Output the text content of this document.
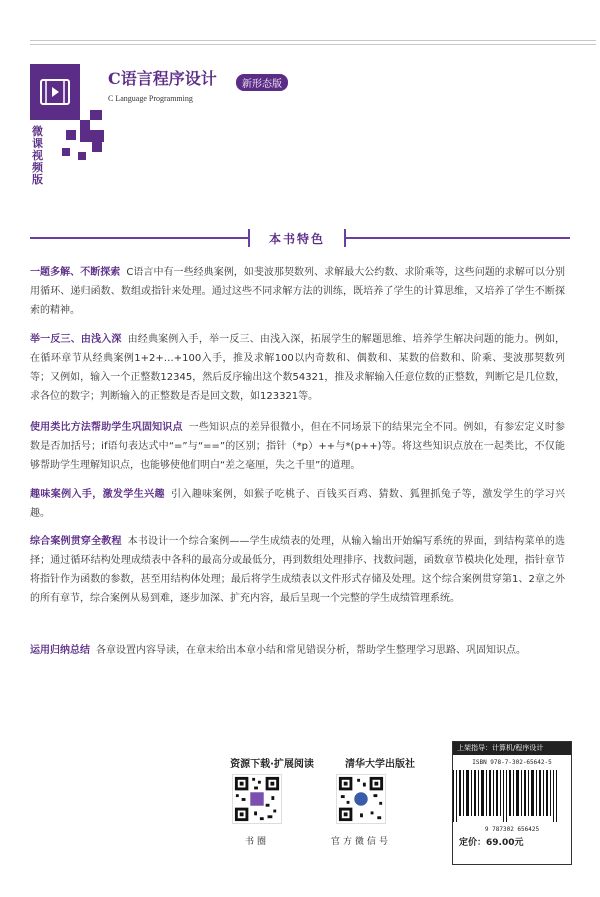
微课视频版
C语言程序设计	新形态版
C Language Programming
本书特色
一题多解、不断探索 C语言中有一些经典案例，如斐波那契数列、求解最大公约数、求阶乘等，这些问题的求解可以分别用循环、递归函数、数组或指针来处理。通过这些不同求解方法的训练，既培养了学生的计算思维，又培养了学生不断探索的精神。
举一反三、由浅入深 由经典案例入手，举一反三、由浅入深，拓展学生的解题思维、培养学生解决问题的能力。例如，在循环章节从经典案例1+2+…+100入手，推及求解100以内奇数和、偶数和、某数的倍数和、阶乘、斐波那契数列等；又例如，输入一个正整数12345，然后反序输出这个数54321，推及求解输入任意位数的正整数，判断它是几位数，求各位的数字；判断输入的正整数是否是回文数，如123321等。
使用类比方法帮助学生巩固知识点 一些知识点的差异很微小，但在不同场景下的结果完全不同。例如，有参宏定义时参数是否加括号；if语句表达式中“=”与“==”的区别；指针（*p）++与*(p++)等。将这些知识点放在一起类比，不仅能够帮助学生理解知识点，也能够使他们明白“差之毫厘，失之千里”的道理。
趣味案例入手，激发学生兴趣 引入趣味案例，如猴子吃桃子、百钱买百鸡、猜数、狐狸抓兔子等，激发学生的学习兴趣。
综合案例贯穿全教程 本书设计一个综合案例——学生成绩表的处理，从输入输出开始编写系统的界面，到结构菜单的选择；通过循环结构处理成绩表中各科的最高分或最低分，再到数组处理排序、找数问题，函数章节模块化处理，指针章节将指针作为函数的参数，甚至用结构体处理；最后将学生成绩表以文件形式存储及处理。这个综合案例贯穿第1、2章之外的所有章节，综合案例从易到难，逐步加深、扩充内容，最后呈现一个完整的学生成绩管理系统。
运用归纳总结 各章设置内容导读，在章末给出本章小结和常见错误分析，帮助学生整理学习思路、巩固知识点。
资源下载·扩展阅读	清华大学出版社
书圈	官方微信号
上架指导：计算机/程序设计
ISBN 978-7-302-65642-5
9 787302 656425
定价：69.00元
